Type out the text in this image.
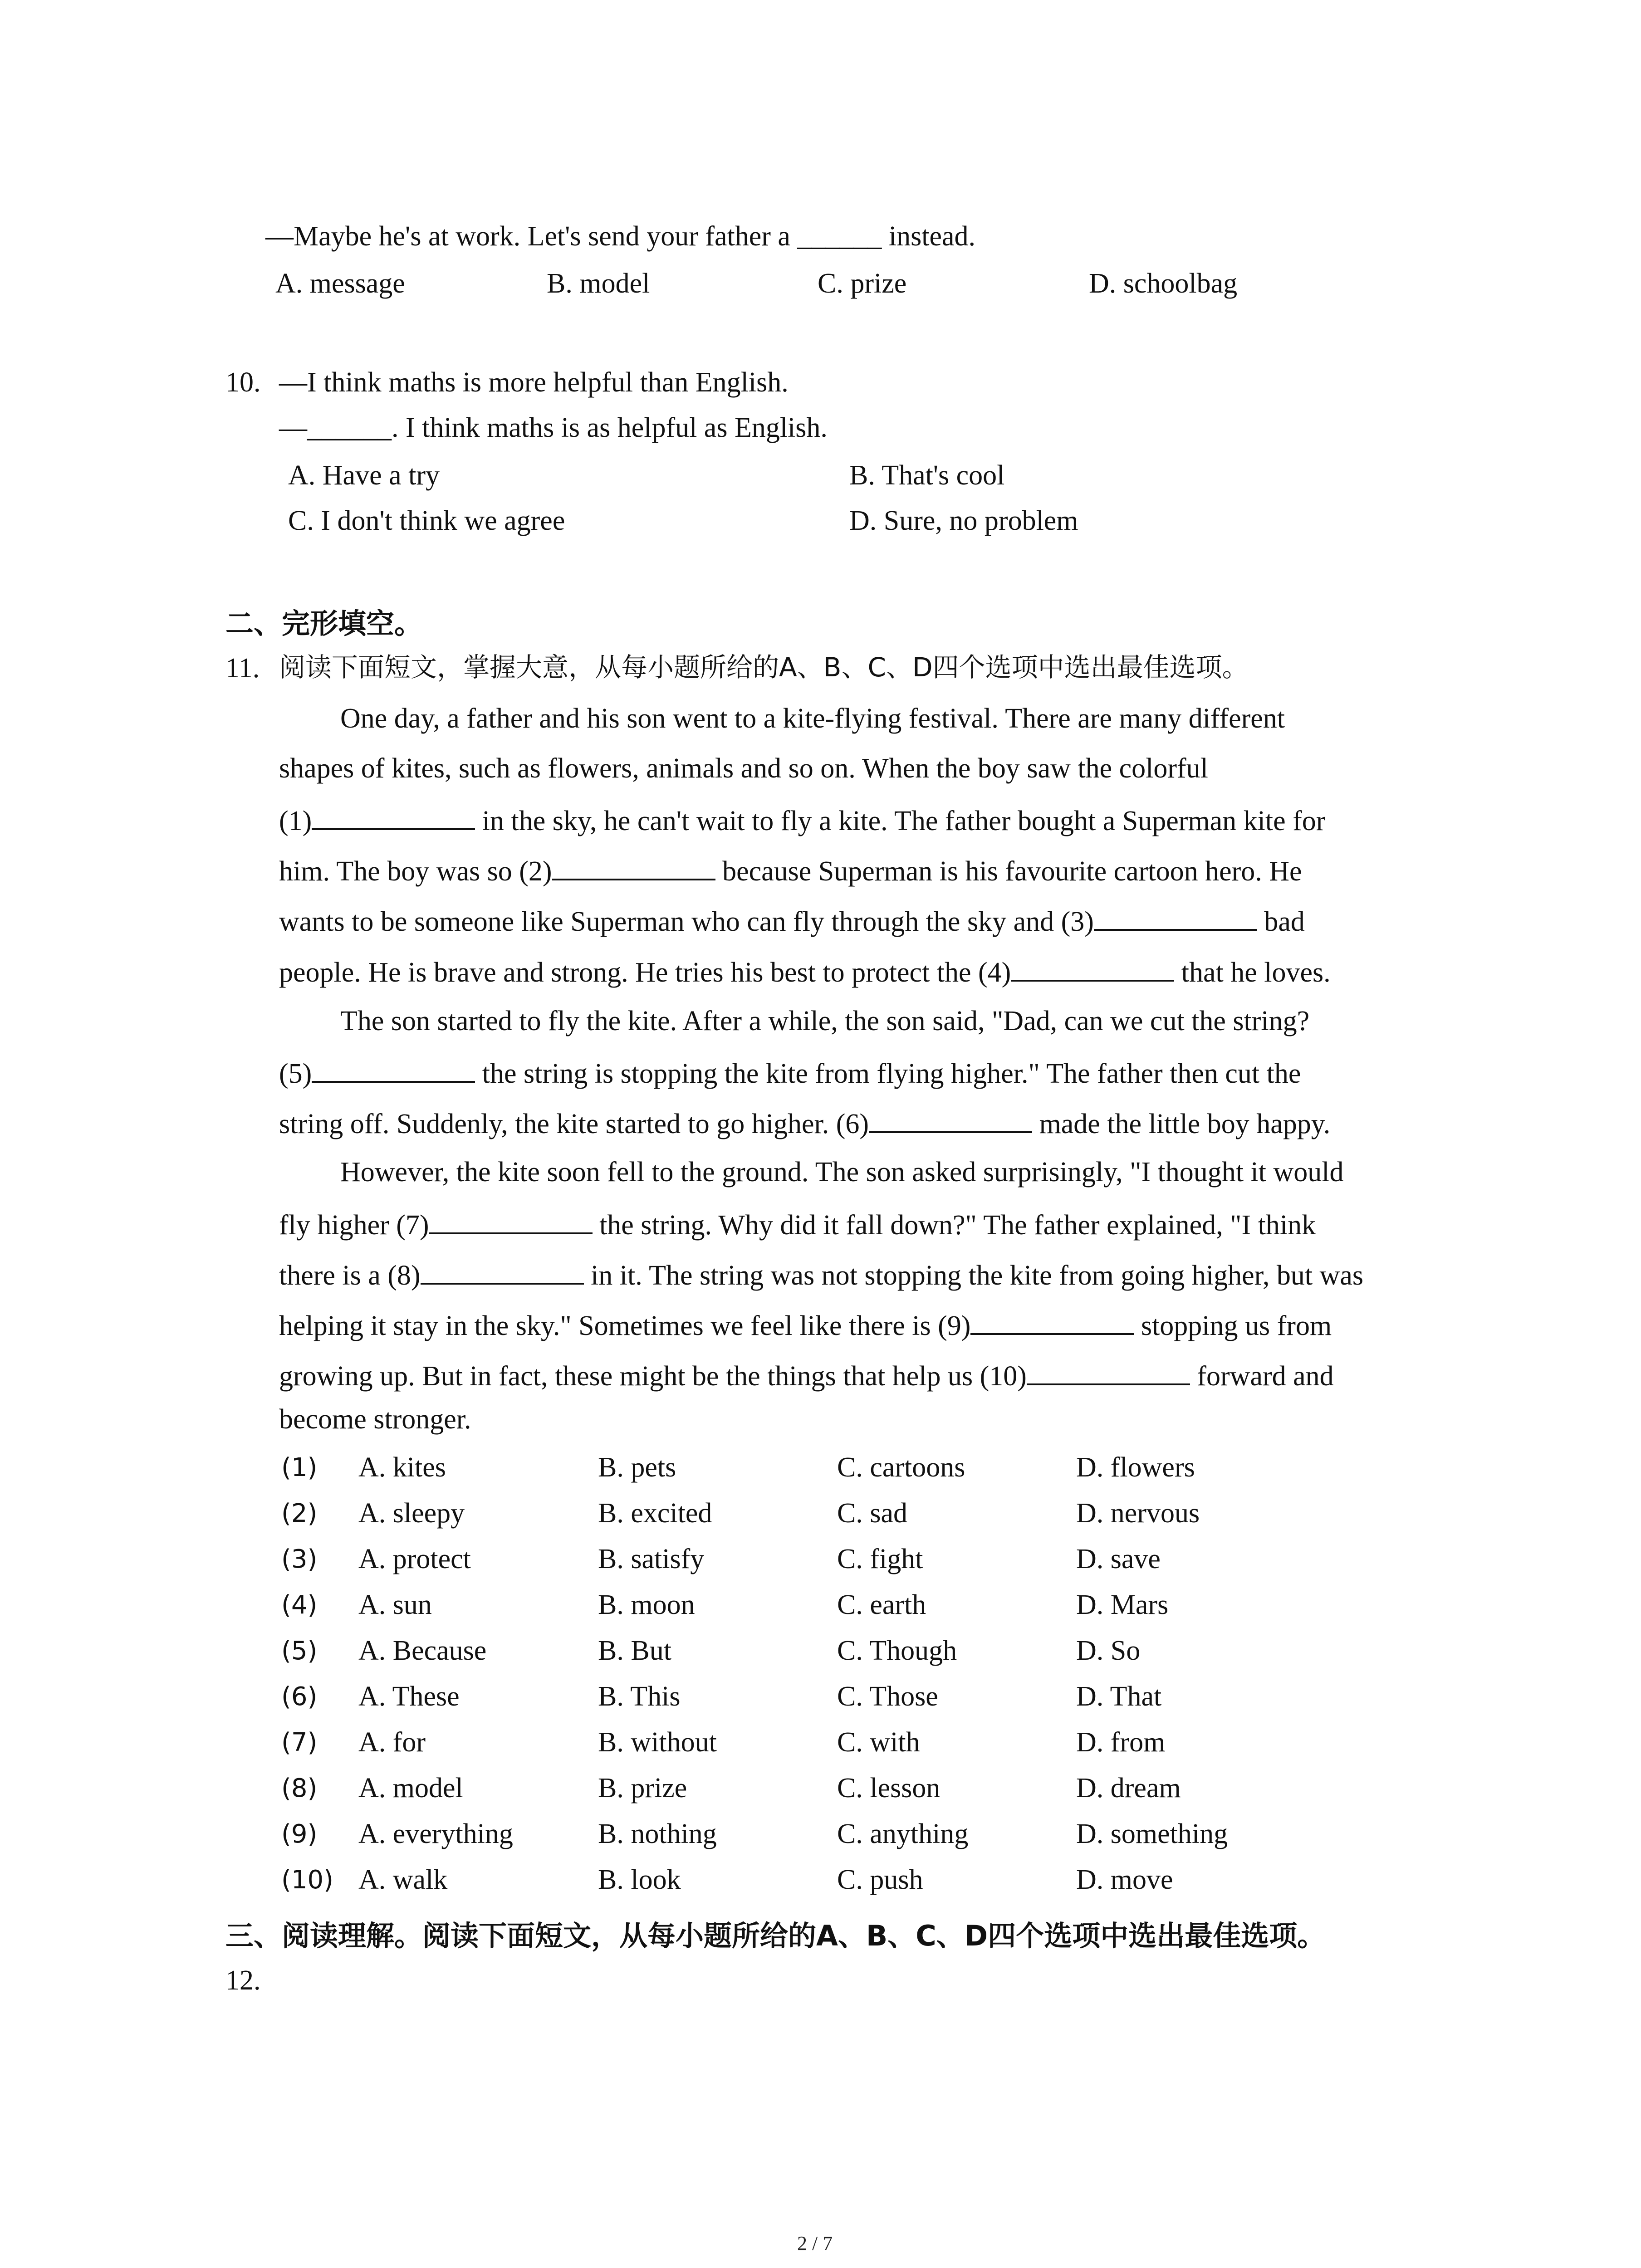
—Maybe he's at work. Let's send your father a ______ instead.
A. message	B. model	C. prize	D. schoolbag
10. —I think maths is more helpful than English.
—______. I think maths is as helpful as English.
A. Have a try	B. That's cool
C. I don't think we agree	D. Sure, no problem
二、完形填空。
11. 阅读下面短文，掌握大意，从每小题所给的A、B、C、D四个选项中选出最佳选项。
One day, a father and his son went to a kite-flying festival. There are many different
shapes of kites, such as flowers, animals and so on. When the boy saw the colorful
(1)	in the sky, he can't wait to fly a kite. The father bought a Superman kite for
him. The boy was so (2)	because Superman is his favourite cartoon hero. He
wants to be someone like Superman who can fly through the sky and (3)	bad
people. He is brave and strong. He tries his best to protect the (4)	that he loves.
The son started to fly the kite. After a while, the son said, "Dad, can we cut the string?
(5)	the string is stopping the kite from flying higher." The father then cut the
string off. Suddenly, the kite started to go higher. (6)	made the little boy happy.
However, the kite soon fell to the ground. The son asked surprisingly, "I thought it would
fly higher (7)	the string. Why did it fall down?" The father explained, "I think
there is a (8)	in it. The string was not stopping the kite from going higher, but was
helping it stay in the sky." Sometimes we feel like there is (9)	stopping us from
growing up. But in fact, these might be the things that help us (10)	forward and
become stronger.
(1) A. kites	B. pets	C. cartoons	D. flowers
(2) A. sleepy	B. excited	C. sad	D. nervous
(3) A. protect	B. satisfy	C. fight	D. save
(4) A. sun	B. moon	C. earth	D. Mars
(5) A. Because	B. But	C. Though	D. So
(6) A. These	B. This	C. Those	D. That
(7) A. for	B. without	C. with	D. from
(8) A. model	B. prize	C. lesson	D. dream
(9) A. everything	B. nothing	C. anything	D. something
(10) A. walk	B. look	C. push	D. move
三、阅读理解。阅读下面短文，从每小题所给的A、B、C、D四个选项中选出最佳选项。
12.
2 / 7
